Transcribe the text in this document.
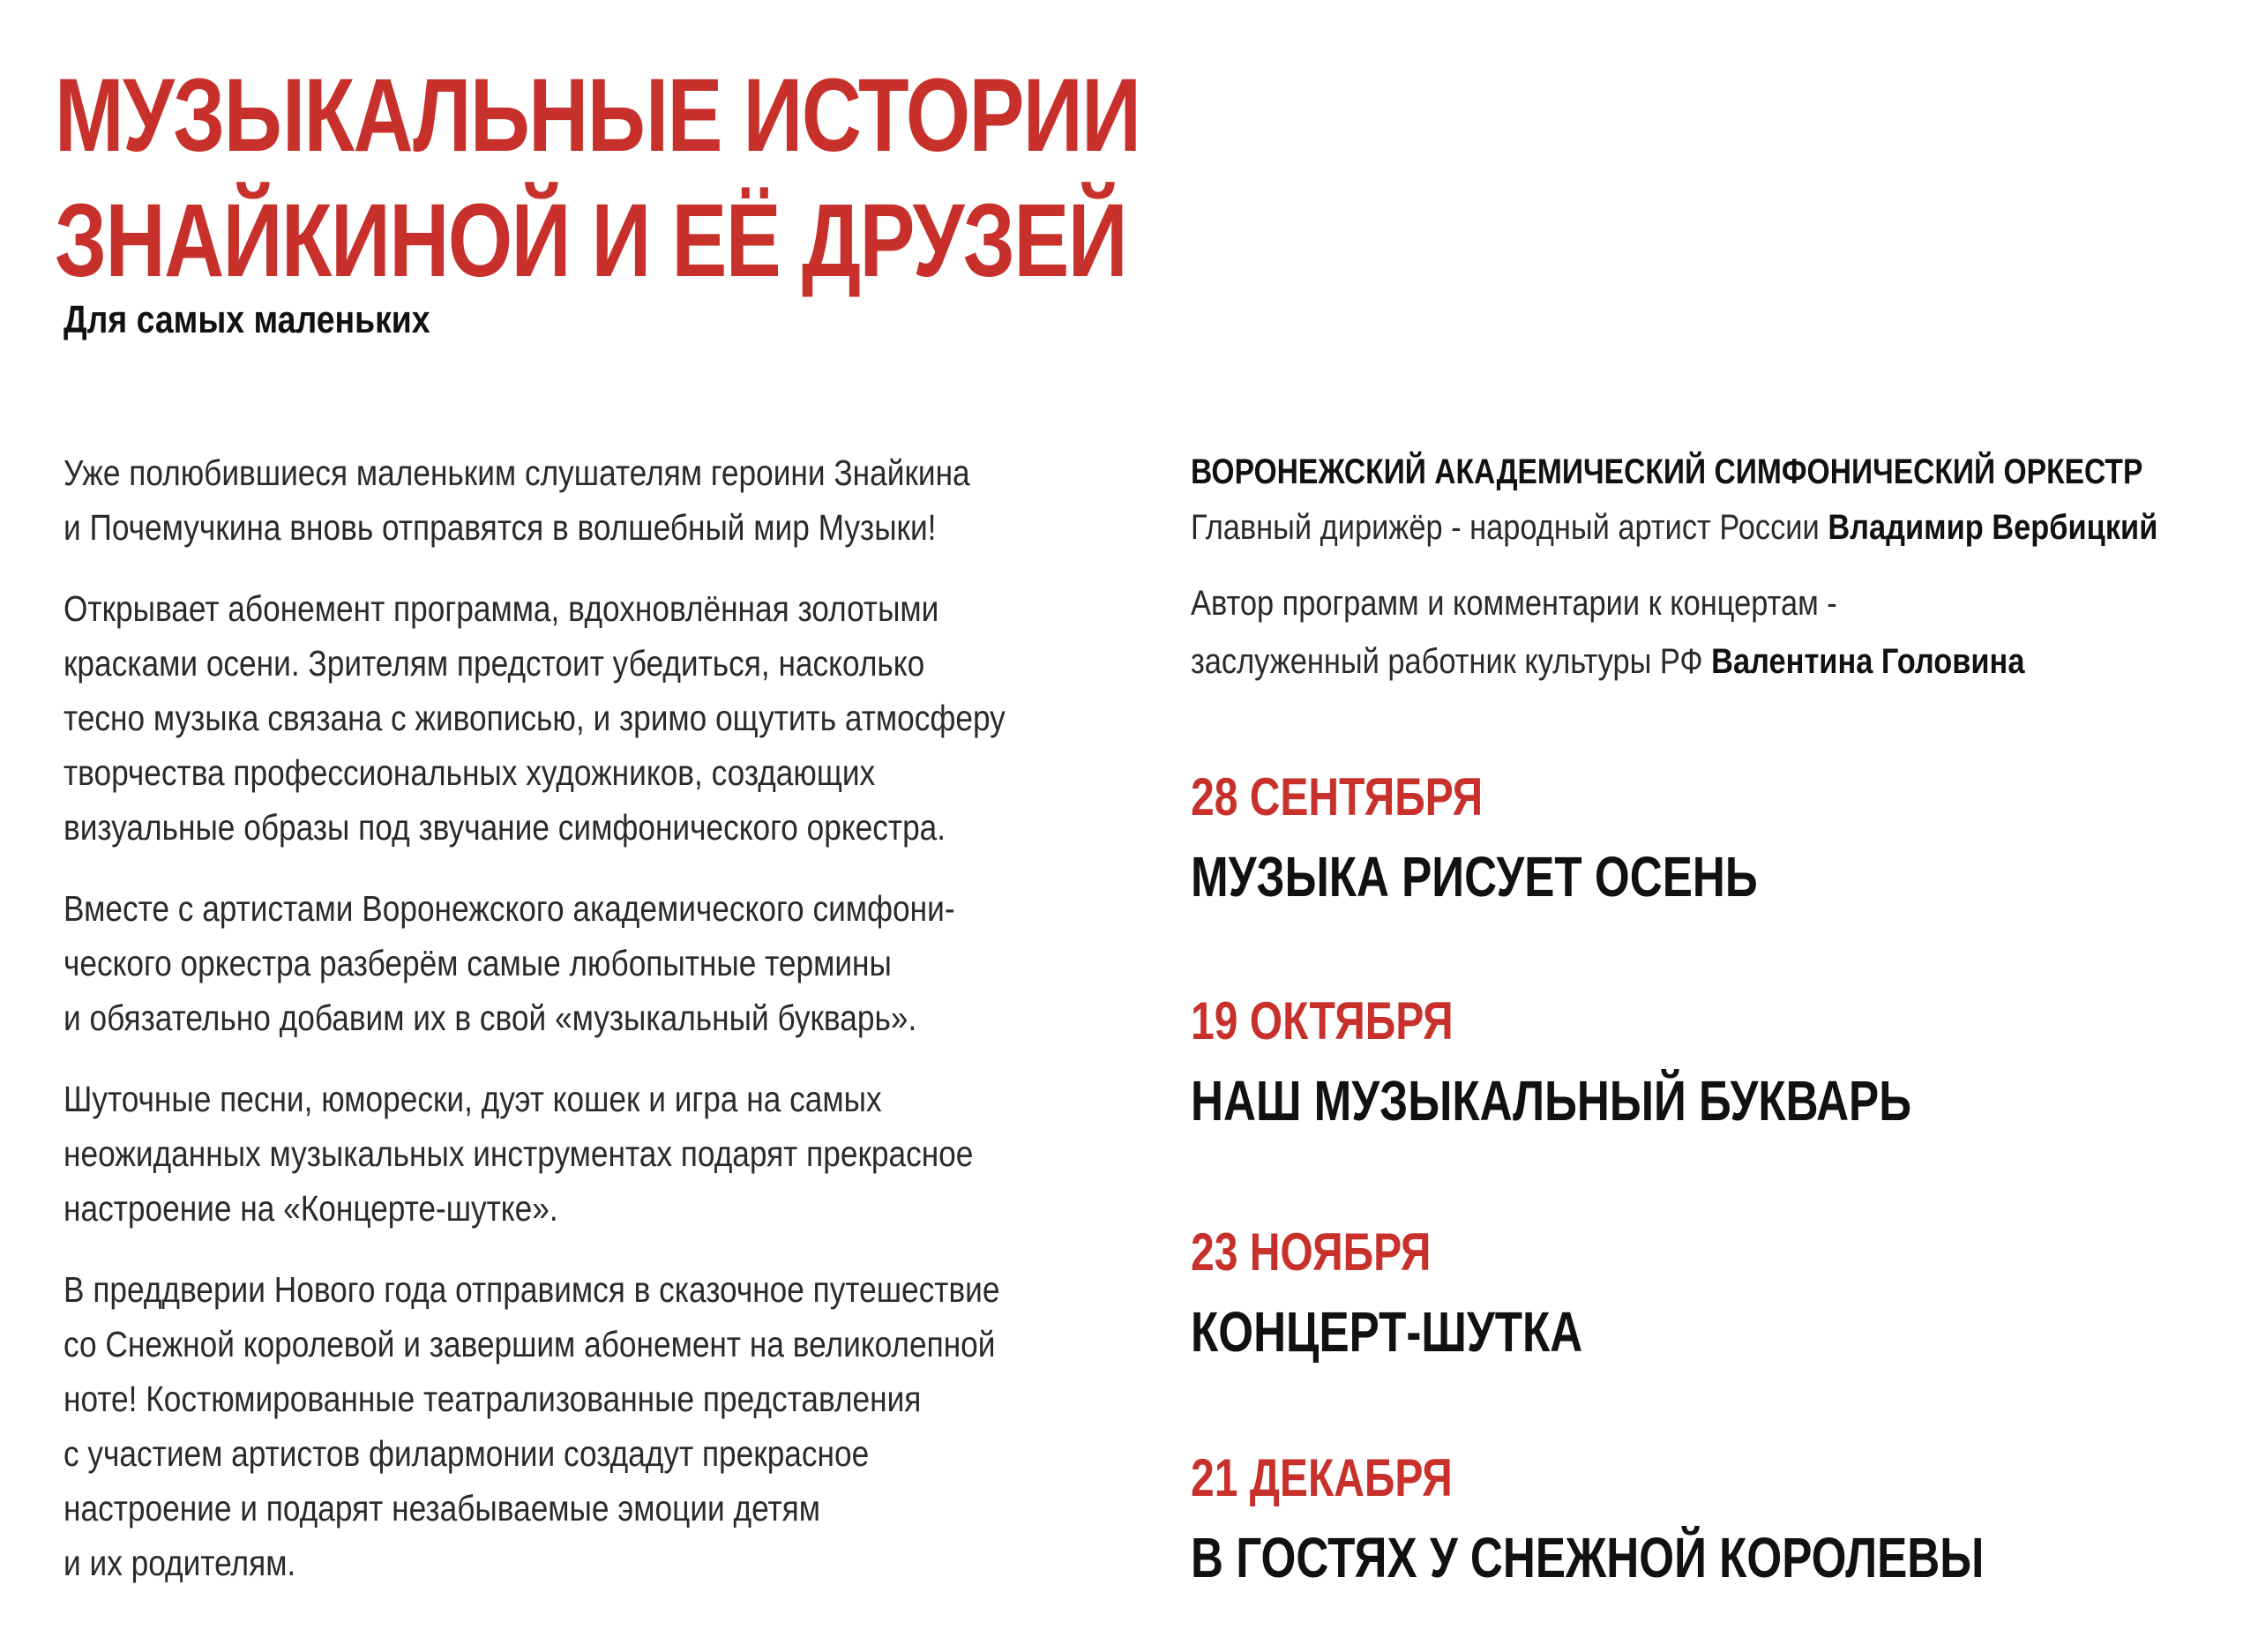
МУЗЫКАЛЬНЫЕ ИСТОРИИ
ЗНАЙКИНОЙ И ЕЁ ДРУЗЕЙ

Для самых маленьких

Уже полюбившиеся маленьким слушателям героини Знайкина
и Почемучкина вновь отправятся в волшебный мир Музыки!

Открывает абонемент программа, вдохновлённая золотыми
красками осени. Зрителям предстоит убедиться, насколько
тесно музыка связана с живописью, и зримо ощутить атмосферу
творчества профессиональных художников, создающих
визуальные образы под звучание симфонического оркестра.

Вместе с артистами Воронежского академического симфони-
ческого оркестра разберём самые любопытные термины
и обязательно добавим их в свой «музыкальный букварь».

Шуточные песни, юморески, дуэт кошек и игра на самых
неожиданных музыкальных инструментах подарят прекрасное
настроение на «Концерте-шутке».

В преддверии Нового года отправимся в сказочное путешествие
со Снежной королевой и завершим абонемент на великолепной
ноте! Костюмированные театрализованные представления
с участием артистов филармонии создадут прекрасное
настроение и подарят незабываемые эмоции детям
и их родителям.

ВОРОНЕЖСКИЙ АКАДЕМИЧЕСКИЙ СИМФОНИЧЕСКИЙ ОРКЕСТР

Главный дирижёр - народный артист России Владимир Вербицкий

Автор программ и комментарии к концертам -

заслуженный работник культуры РФ Валентина Головина

28 СЕНТЯБРЯ

МУЗЫКА РИСУЕТ ОСЕНЬ

19 ОКТЯБРЯ

НАШ МУЗЫКАЛЬНЫЙ БУКВАРЬ

23 НОЯБРЯ

КОНЦЕРТ-ШУТКА

21 ДЕКАБРЯ

В ГОСТЯХ У СНЕЖНОЙ КОРОЛЕВЫ
